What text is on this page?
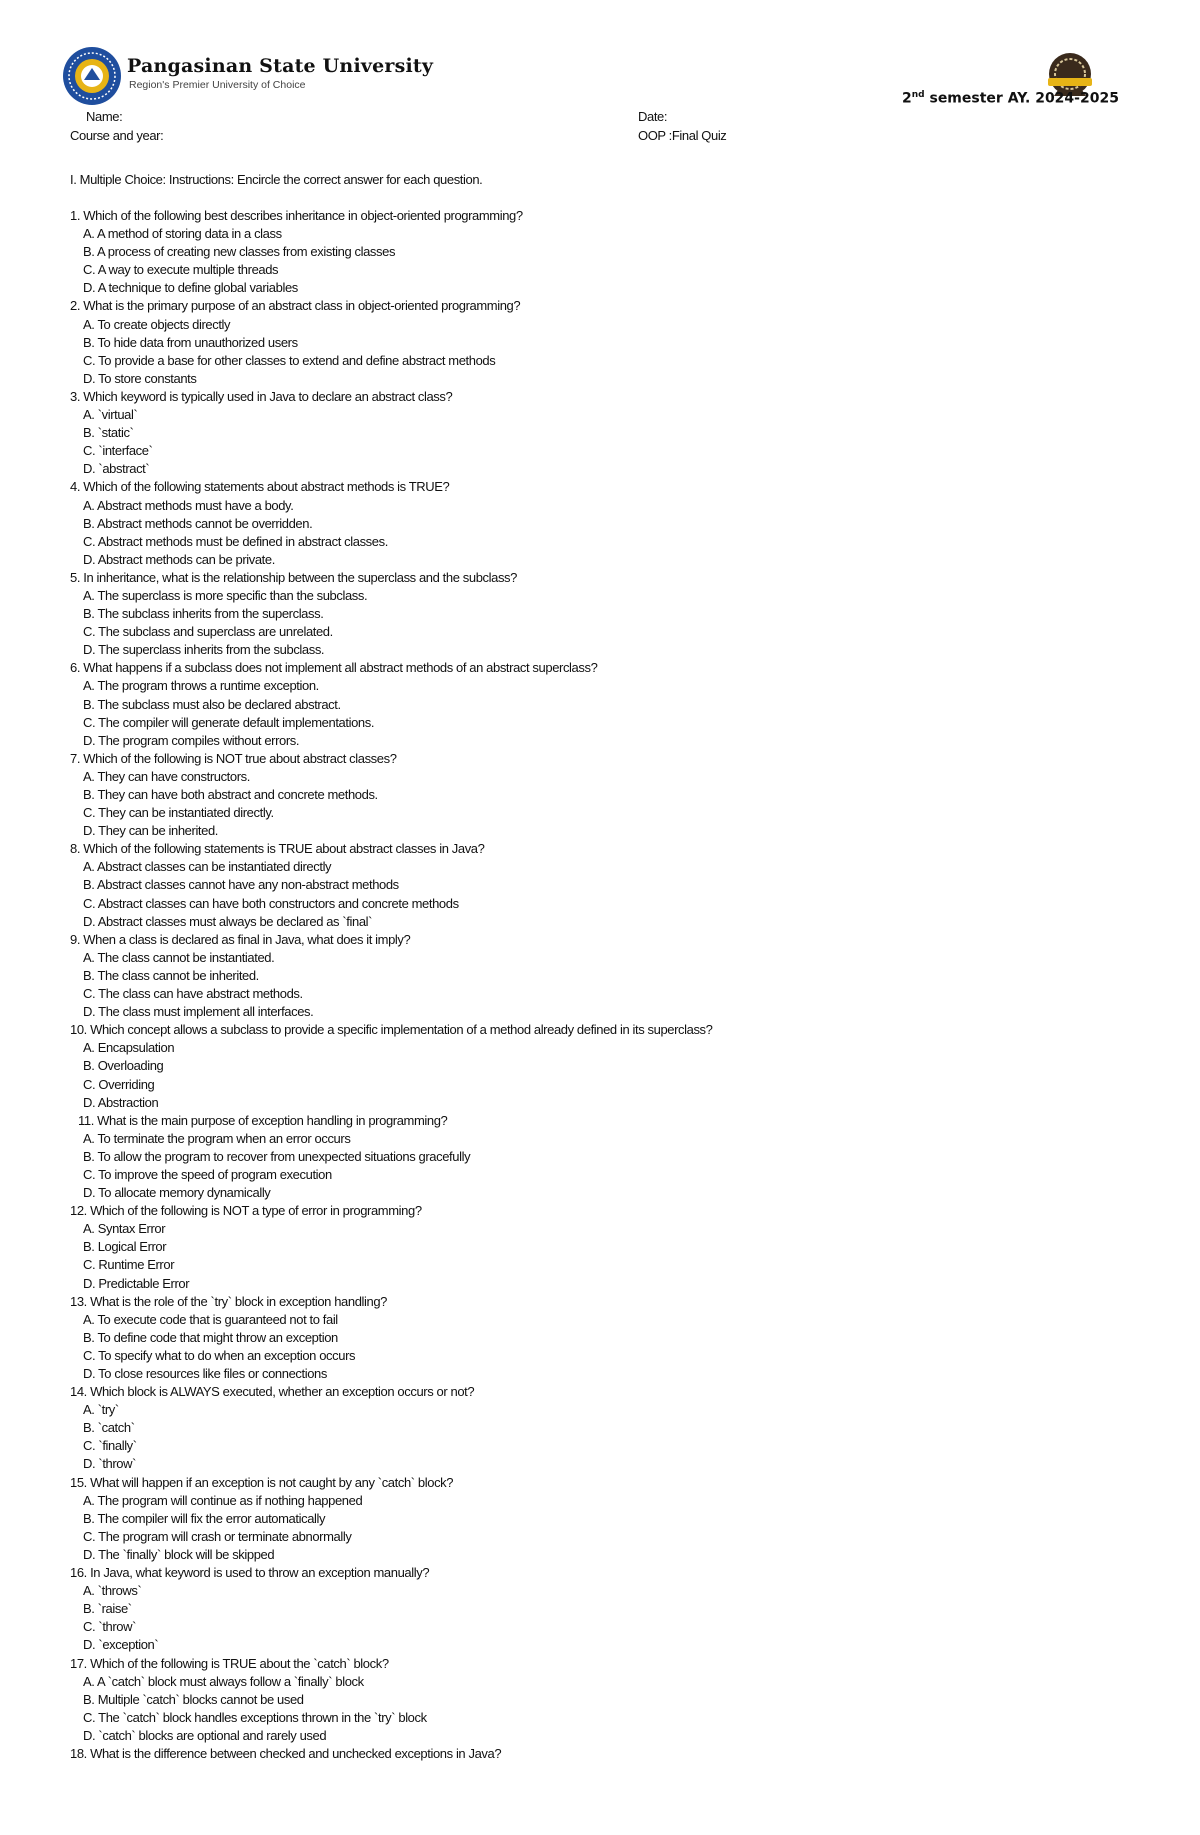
Pangasinan State University
Region's Premier University of Choice
2nd semester AY. 2024-2025
Name:
Course and year:
Date:
OOP :Final Quiz
I. Multiple Choice: Instructions: Encircle the correct answer for each question.
1. Which of the following best describes inheritance in object-oriented programming?
A. A method of storing data in a class
B. A process of creating new classes from existing classes
C. A way to execute multiple threads
D. A technique to define global variables
2. What is the primary purpose of an abstract class in object-oriented programming?
A. To create objects directly
B. To hide data from unauthorized users
C. To provide a base for other classes to extend and define abstract methods
D. To store constants
3. Which keyword is typically used in Java to declare an abstract class?
A. `virtual`
B. `static`
C. `interface`
D. `abstract`
4. Which of the following statements about abstract methods is TRUE?
A. Abstract methods must have a body.
B. Abstract methods cannot be overridden.
C. Abstract methods must be defined in abstract classes.
D. Abstract methods can be private.
5. In inheritance, what is the relationship between the superclass and the subclass?
A. The superclass is more specific than the subclass.
B. The subclass inherits from the superclass.
C. The subclass and superclass are unrelated.
D. The superclass inherits from the subclass.
6. What happens if a subclass does not implement all abstract methods of an abstract superclass?
A. The program throws a runtime exception.
B. The subclass must also be declared abstract.
C. The compiler will generate default implementations.
D. The program compiles without errors.
7. Which of the following is NOT true about abstract classes?
A. They can have constructors.
B. They can have both abstract and concrete methods.
C. They can be instantiated directly.
D. They can be inherited.
8. Which of the following statements is TRUE about abstract classes in Java?
A. Abstract classes can be instantiated directly
B. Abstract classes cannot have any non-abstract methods
C. Abstract classes can have both constructors and concrete methods
D. Abstract classes must always be declared as `final`
9. When a class is declared as final in Java, what does it imply?
A. The class cannot be instantiated.
B. The class cannot be inherited.
C. The class can have abstract methods.
D. The class must implement all interfaces.
10. Which concept allows a subclass to provide a specific implementation of a method already defined in its superclass?
A. Encapsulation
B. Overloading
C. Overriding
D. Abstraction
11. What is the main purpose of exception handling in programming?
A. To terminate the program when an error occurs
B. To allow the program to recover from unexpected situations gracefully
C. To improve the speed of program execution
D. To allocate memory dynamically
12. Which of the following is NOT a type of error in programming?
A. Syntax Error
B. Logical Error
C. Runtime Error
D. Predictable Error
13. What is the role of the `try` block in exception handling?
A. To execute code that is guaranteed not to fail
B. To define code that might throw an exception
C. To specify what to do when an exception occurs
D. To close resources like files or connections
14. Which block is ALWAYS executed, whether an exception occurs or not?
A. `try`
B. `catch`
C. `finally`
D. `throw`
15. What will happen if an exception is not caught by any `catch` block?
A. The program will continue as if nothing happened
B. The compiler will fix the error automatically
C. The program will crash or terminate abnormally
D. The `finally` block will be skipped
16. In Java, what keyword is used to throw an exception manually?
A. `throws`
B. `raise`
C. `throw`
D. `exception`
17. Which of the following is TRUE about the `catch` block?
A. A `catch` block must always follow a `finally` block
B. Multiple `catch` blocks cannot be used
C. The `catch` block handles exceptions thrown in the `try` block
D. `catch` blocks are optional and rarely used
18. What is the difference between checked and unchecked exceptions in Java?
